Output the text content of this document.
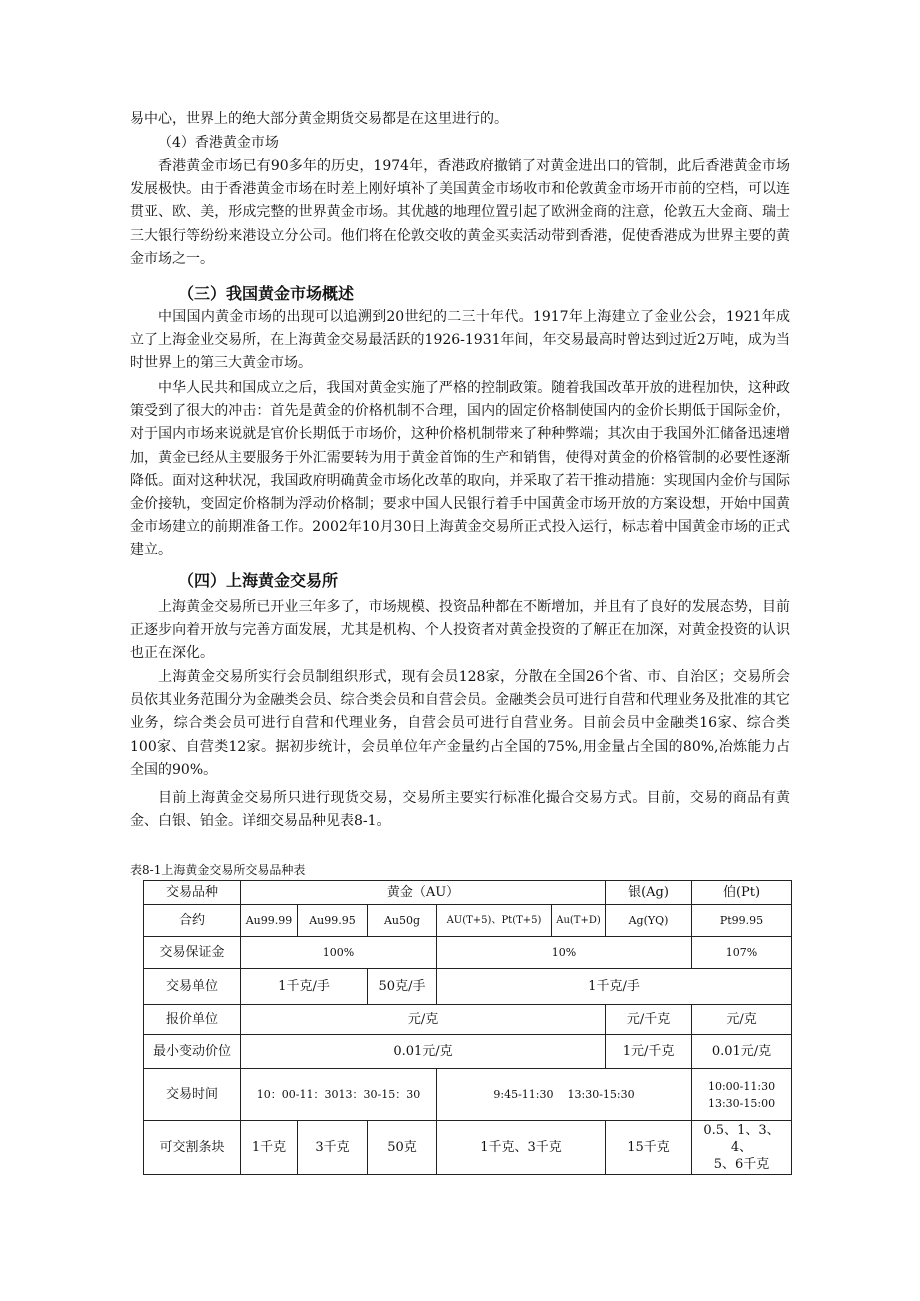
易中心，世界上的绝大部分黄金期货交易都是在这里进行的。

（4）香港黄金市场

香港黄金市场已有90多年的历史，1974年，香港政府撤销了对黄金进出口的管制，此后香港黄金市场发展极快。由于香港黄金市场在时差上刚好填补了美国黄金市场收市和伦敦黄金市场开市前的空档，可以连贯亚、欧、美，形成完整的世界黄金市场。其优越的地理位置引起了欧洲金商的注意，伦敦五大金商、瑞士三大银行等纷纷来港设立分公司。他们将在伦敦交收的黄金买卖活动带到香港，促使香港成为世界主要的黄金市场之一。

（三）我国黄金市场概述

中国国内黄金市场的出现可以追溯到20世纪的二三十年代。1917年上海建立了金业公会，1921年成立了上海金业交易所，在上海黄金交易最活跃的1926-1931年间，年交易最高时曾达到过近2万吨，成为当时世界上的第三大黄金市场。

中华人民共和国成立之后，我国对黄金实施了严格的控制政策。随着我国改革开放的进程加快，这种政策受到了很大的冲击：首先是黄金的价格机制不合理，国内的固定价格制使国内的金价长期低于国际金价，对于国内市场来说就是官价长期低于市场价，这种价格机制带来了种种弊端；其次由于我国外汇储备迅速增加，黄金已经从主要服务于外汇需要转为用于黄金首饰的生产和销售，使得对黄金的价格管制的必要性逐渐降低。面对这种状况，我国政府明确黄金市场化改革的取向，并采取了若干推动措施：实现国内金价与国际金价接轨，变固定价格制为浮动价格制；要求中国人民银行着手中国黄金市场开放的方案设想，开始中国黄金市场建立的前期准备工作。2002年10月30日上海黄金交易所正式投入运行，标志着中国黄金市场的正式建立。

（四）上海黄金交易所

上海黄金交易所已开业三年多了，市场规模、投资品种都在不断增加，并且有了良好的发展态势，目前正逐步向着开放与完善方面发展，尤其是机构、个人投资者对黄金投资的了解正在加深，对黄金投资的认识也正在深化。

上海黄金交易所实行会员制组织形式，现有会员128家，分散在全国26个省、市、自治区；交易所会员依其业务范围分为金融类会员、综合类会员和自营会员。金融类会员可进行自营和代理业务及批准的其它业务，综合类会员可进行自营和代理业务，自营会员可进行自营业务。目前会员中金融类16家、综合类100家、自营类12家。据初步统计，会员单位年产金量约占全国的75%,用金量占全国的80%,冶炼能力占全国的90%。

目前上海黄金交易所只进行现货交易，交易所主要实行标准化撮合交易方式。目前，交易的商品有黄金、白银、铂金。详细交易品种见表8-1。

表8-1上海黄金交易所交易品种表
交易品种	黄金（AU）					银(Ag)	伯(Pt)
合约	Au99.99	Au99.95	Au50g	AU(T+5)、Pt(T+5)	Au(T+D)	Ag(YQ)	Pt99.95
交易保证金	100%			10%			107%
交易单位	1千克/手		50克/手	1千克/手			
报价单位	元/克					元/千克	元/克
最小变动价位	0.01元/克					1元/千克	0.01元/克
交易时间	10：00-11：3013：30-15：30			9:45-11:30    13:30-15:30			10:00-11:30
13:30-15:00

可交割条块	1千克	3千克	50克	1千克、3千克		15千克	0.5、1、3、4、
5、6千克
